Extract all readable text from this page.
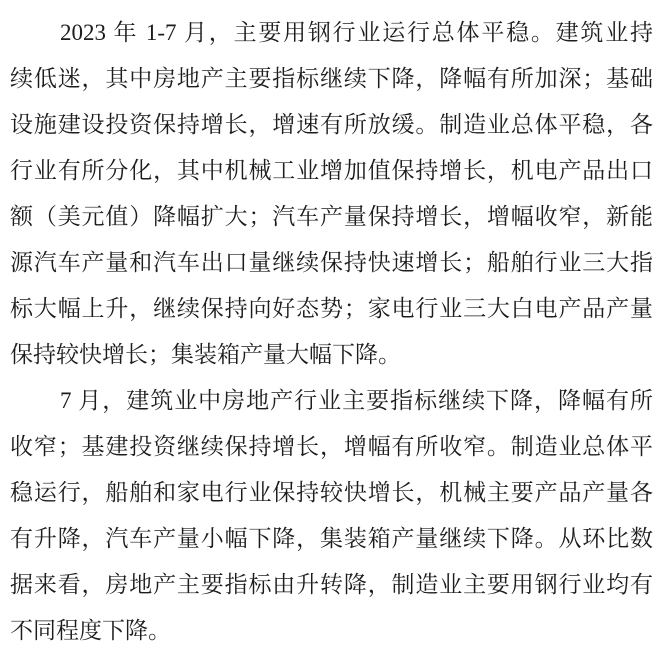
2023 年 1-7 月，主要用钢行业运行总体平稳。建筑业持
续低迷，其中房地产主要指标继续下降，降幅有所加深；基础
设施建设投资保持增长，增速有所放缓。制造业总体平稳，各
行业有所分化，其中机械工业增加值保持增长，机电产品出口
额（美元值）降幅扩大；汽车产量保持增长，增幅收窄，新能
源汽车产量和汽车出口量继续保持快速增长；船舶行业三大指
标大幅上升，继续保持向好态势；家电行业三大白电产品产量
保持较快增长；集装箱产量大幅下降。
7 月，建筑业中房地产行业主要指标继续下降，降幅有所
收窄；基建投资继续保持增长，增幅有所收窄。制造业总体平
稳运行，船舶和家电行业保持较快增长，机械主要产品产量各
有升降，汽车产量小幅下降，集装箱产量继续下降。从环比数
据来看，房地产主要指标由升转降，制造业主要用钢行业均有
不同程度下降。
